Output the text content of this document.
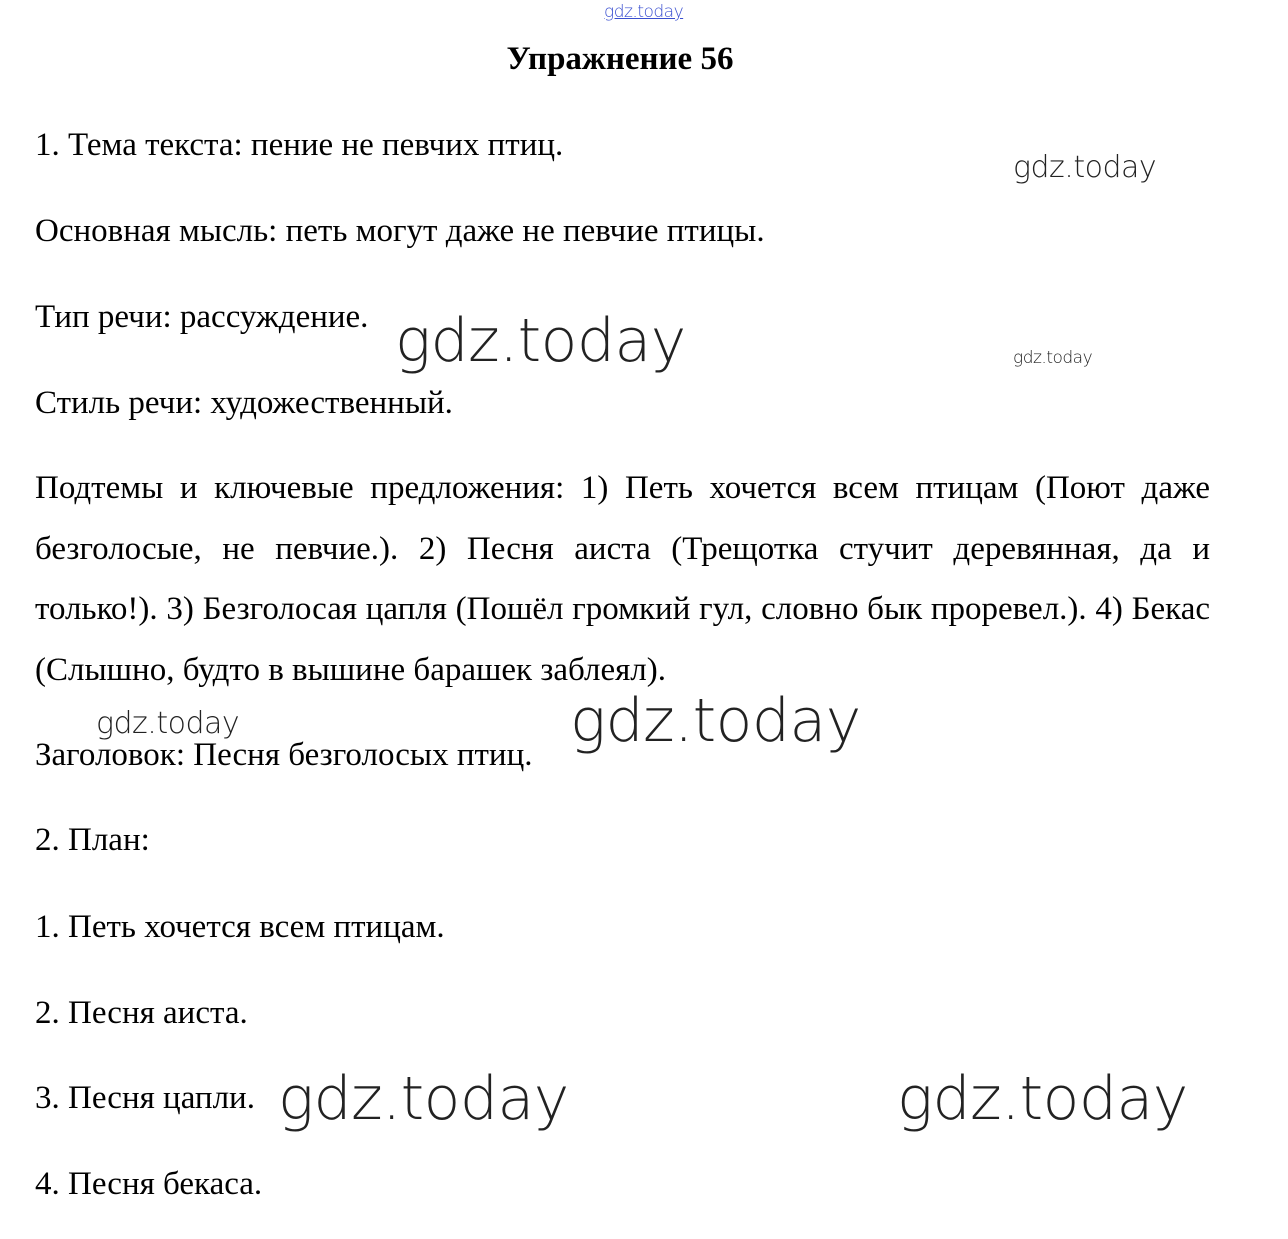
gdz.today
Упражнение 56
1. Тема текста: пение не певчих птиц.
Основная мысль: петь могут даже не певчие птицы.
Тип речи: рассуждение.
Стиль речи: художественный.
Подтемы и ключевые предложения: 1) Петь хочется всем птицам (Поют даже безголосые, не певчие.). 2) Песня аиста (Трещотка стучит деревянная, да и только!). 3) Безголосая цапля (Пошёл громкий гул, словно бык проревел.). 4) Бекас (Слышно, будто в вышине барашек заблеял).
Заголовок: Песня безголосых птиц.
2. План:
1. Петь хочется всем птицам.
2. Песня аиста.
3. Песня цапли.
4. Песня бекаса.
gdz.today
gdz.today
gdz.today
gdz.today	gdz.today
gdz.today	gdz.today
